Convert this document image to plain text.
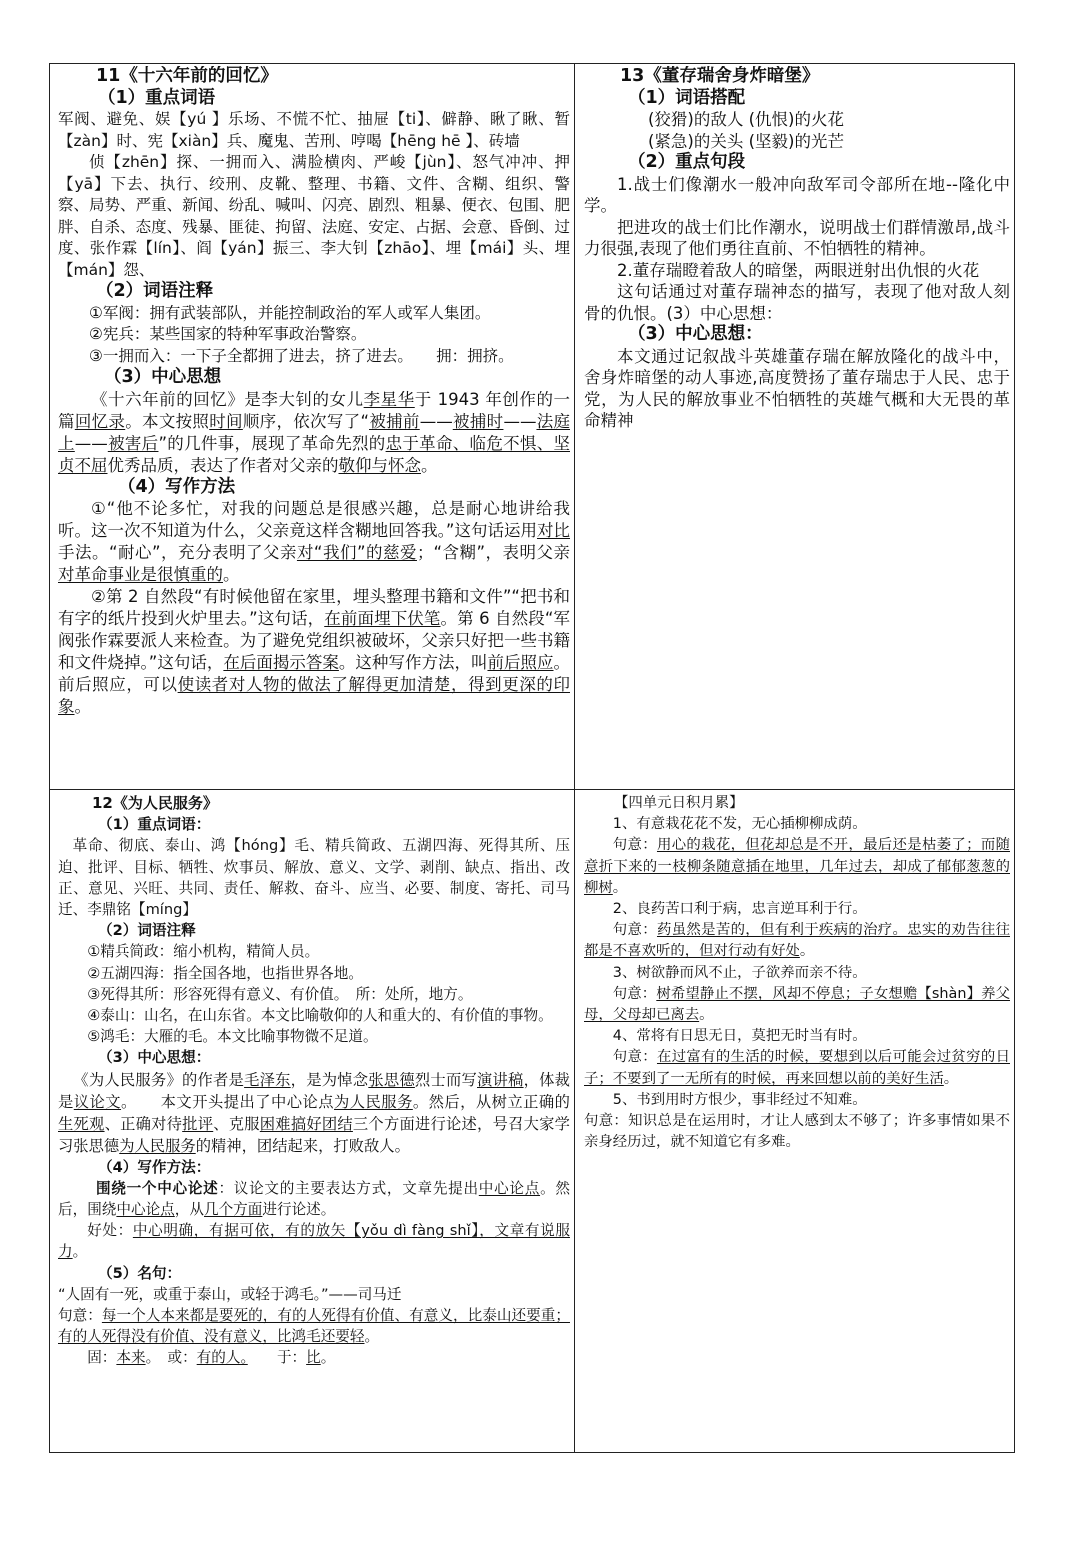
11《十六年前的回忆》

（1）重点词语

军阀、避免、娱【yú 】乐场、不慌不忙、抽屉【ti】、僻静、瞅了瞅、暂【zàn】时、宪【xiàn】兵、魔鬼、苦刑、哼喝【hēng hē 】、砖墙

侦【zhēn】探、一拥而入、满脸横肉、严峻【jùn】、怒气冲冲、押【yā】下去、执行、绞刑、皮靴、整理、书籍、文件、含糊、组织、警察、局势、严重、新闻、纷乱、喊叫、闪亮、剧烈、粗暴、便衣、包围、肥胖、自杀、态度、残暴、匪徒、拘留、法庭、安定、占据、会意、昏倒、过度、张作霖【lín】、阎【yán】振三、李大钊【zhāo】、埋【mái】头、埋【mán】怨、

（2）词语注释

①军阀：拥有武装部队，并能控制政治的军人或军人集团。

②宪兵：某些国家的特种军事政治警察。

③一拥而入：一下子全都拥了进去，挤了进去。　　拥：拥挤。

（3）中心思想

《十六年前的回忆》是李大钊的女儿李星华于 1943 年创作的一篇回忆录。本文按照时间顺序，依次写了“被捕前——被捕时——法庭上——被害后”的几件事，展现了革命先烈的忠于革命、临危不惧、坚贞不屈优秀品质，表达了作者对父亲的敬仰与怀念。

（4）写作方法

①“他不论多忙，对我的问题总是很感兴趣，总是耐心地讲给我听。这一次不知道为什么，父亲竟这样含糊地回答我。”这句话运用对比手法。“耐心”，充分表明了父亲对“我们”的慈爱；“含糊”，表明父亲对革命事业是很慎重的。

②第 2 自然段“有时候他留在家里，埋头整理书籍和文件”“把书和有字的纸片投到火炉里去。”这句话，在前面埋下伏笔。第 6 自然段“军阀张作霖要派人来检查。为了避免党组织被破坏，父亲只好把一些书籍和文件烧掉。”这句话，在后面揭示答案。这种写作方法，叫前后照应。前后照应，可以使读者对人物的做法了解得更加清楚，得到更深的印象。

13《董存瑞舍身炸暗堡》

（1）词语搭配

(狡猾)的敌人 (仇恨)的火花

(紧急)的关头 (坚毅)的光芒

（2）重点句段

1.战士们像潮水一般冲向敌军司令部所在地--隆化中学。

把进攻的战士们比作潮水，说明战士们群情激昂,战斗力很强,表现了他们勇往直前、不怕牺牲的精神。

2.董存瑞瞪着敌人的暗堡，两眼迸射出仇恨的火花

这句话通过对董存瑞神态的描写，表现了他对敌人刻骨的仇恨。(3）中心思想：

（3）中心思想：

本文通过记叙战斗英雄董存瑞在解放隆化的战斗中，舍身炸暗堡的动人事迹,高度赞扬了董存瑞忠于人民、忠于党，为人民的解放事业不怕牺牲的英雄气概和大无畏的革命精神

12《为人民服务》

（1）重点词语：

革命、彻底、泰山、鸿【hóng】毛、精兵简政、五湖四海、死得其所、压迫、批评、目标、牺牲、炊事员、解放、意义、文学、剥削、缺点、指出、改正、意见、兴旺、共同、责任、解救、奋斗、应当、必要、制度、寄托、司马迁、李鼎铭【míng】

（2）词语注释

①精兵简政：缩小机构，精简人员。

②五湖四海：指全国各地，也指世界各地。

③死得其所：形容死得有意义、有价值。　所：处所，地方。

④泰山：山名，在山东省。本文比喻敬仰的人和重大的、有价值的事物。

⑤鸿毛：大雁的毛。本文比喻事物微不足道。

（3）中心思想：

《为人民服务》的作者是毛泽东，是为悼念张思德烈士而写演讲稿，体裁是议论文。　　本文开头提出了中心论点为人民服务。然后，从树立正确的生死观、正确对待批评、克服困难搞好团结三个方面进行论述，号召大家学习张思德为人民服务的精神，团结起来，打败敌人。

（4）写作方法：

围绕一个中心论述：议论文的主要表达方式，文章先提出中心论点。然后，围绕中心论点，从几个方面进行论述。

好处：中心明确，有据可依，有的放矢【yǒu dì fàng shǐ】，文章有说服力。

（5）名句：

“人固有一死，或重于泰山，或轻于鸿毛。”——司马迁

句意：每一个人本来都是要死的，有的人死得有价值、有意义，比泰山还要重；有的人死得没有价值、没有意义，比鸿毛还要轻。

固：本来。　或：有的人。　　于：比。

【四单元日积月累】

1、有意栽花花不发，无心插柳柳成荫。

句意：用心的栽花，但花却总是不开，最后还是枯萎了；而随意折下来的一枝柳条随意插在地里，几年过去，却成了郁郁葱葱的柳树。

2、良药苦口利于病，忠言逆耳利于行。

句意：药虽然是苦的，但有利于疾病的治疗。忠实的劝告往往都是不喜欢听的，但对行动有好处。

3、树欲静而风不止，子欲养而亲不待。

句意：树希望静止不摆，风却不停息；子女想赡【shàn】养父母，父母却已离去。

4、常将有日思无日，莫把无时当有时。

句意：在过富有的生活的时候，要想到以后可能会过贫穷的日子；不要到了一无所有的时候，再来回想以前的美好生活。

5、书到用时方恨少，事非经过不知难。

句意：知识总是在运用时，才让人感到太不够了；许多事情如果不亲身经历过，就不知道它有多难。
